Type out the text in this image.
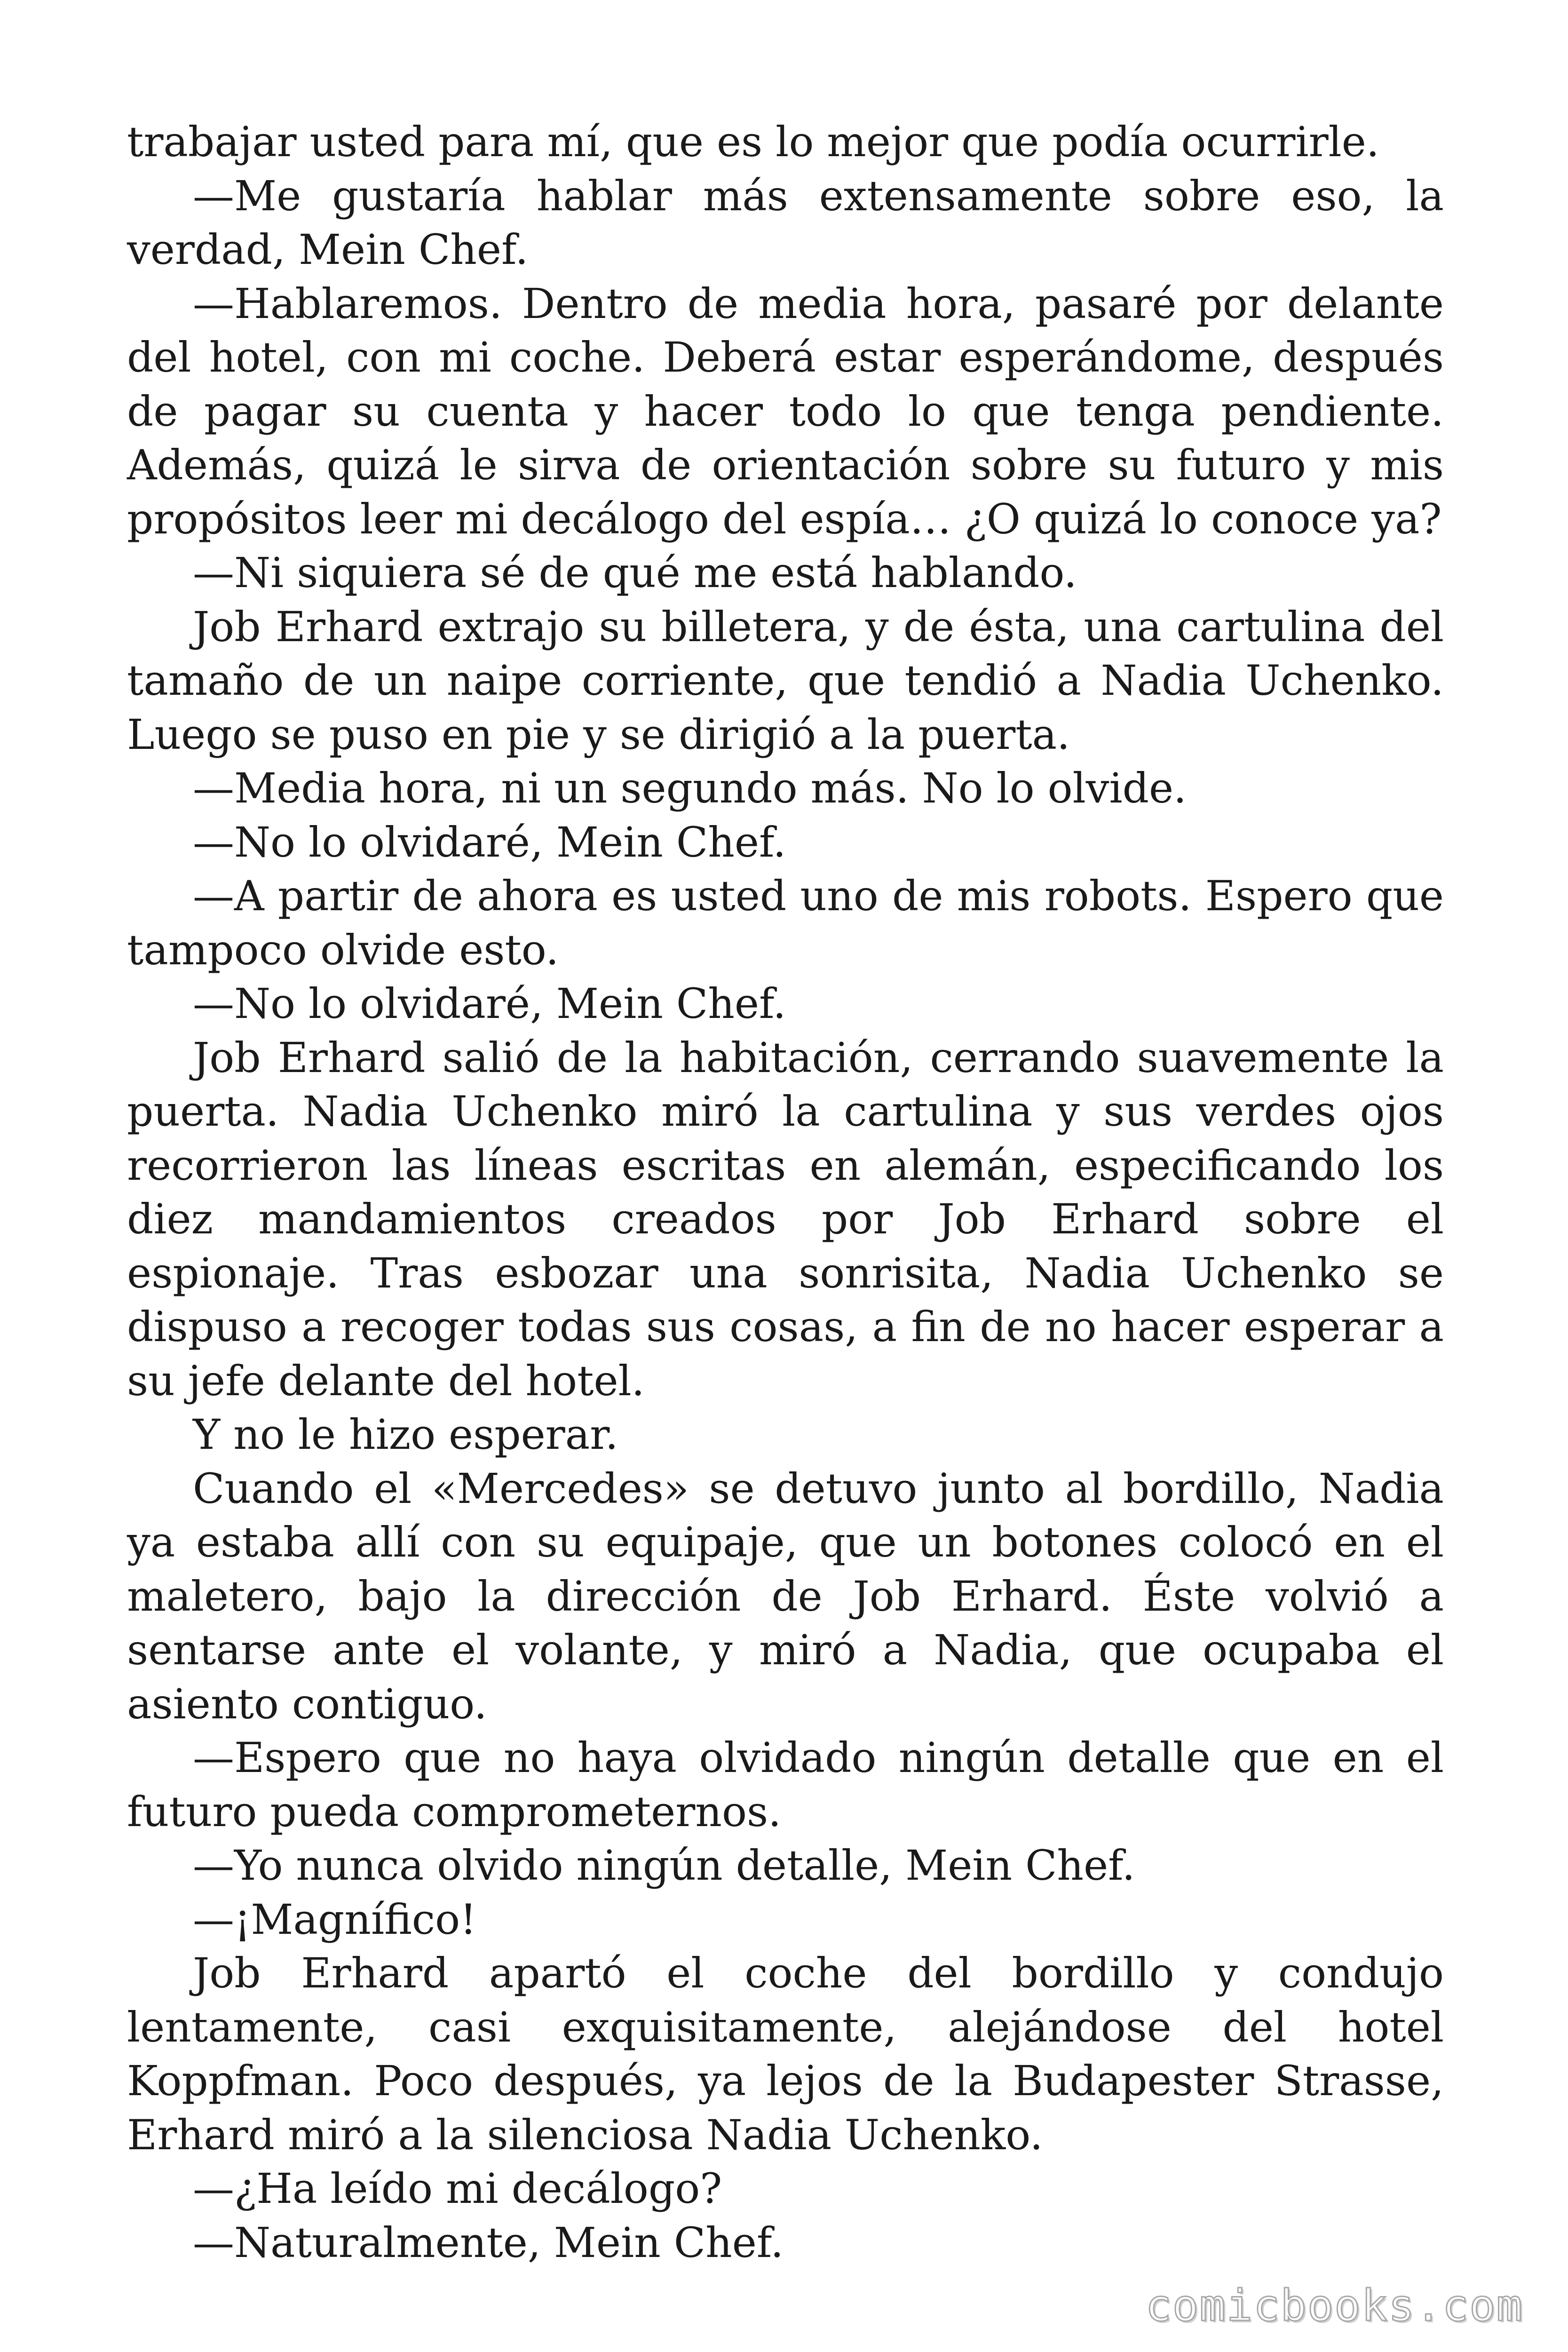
trabajar usted para mí, que es lo mejor que podía ocurrirle.

—Me gustaría hablar más extensamente sobre eso, la verdad, Mein Chef.

—Hablaremos. Dentro de media hora, pasaré por delante del hotel, con mi coche. Deberá estar esperándome, después de pagar su cuenta y hacer todo lo que tenga pendiente. Además, quizá le sirva de orientación sobre su futuro y mis propósitos leer mi decálogo del espía… ¿O quizá lo conoce ya?

—Ni siquiera sé de qué me está hablando.

Job Erhard extrajo su billetera, y de ésta, una cartulina del tamaño de un naipe corriente, que tendió a Nadia Uchenko. Luego se puso en pie y se dirigió a la puerta.

—Media hora, ni un segundo más. No lo olvide.

—No lo olvidaré, Mein Chef.

—A partir de ahora es usted uno de mis robots. Espero que tampoco olvide esto.

—No lo olvidaré, Mein Chef.

Job Erhard salió de la habitación, cerrando suavemente la puerta. Nadia Uchenko miró la cartulina y sus verdes ojos recorrieron las líneas escritas en alemán, especificando los diez mandamientos creados por Job Erhard sobre el espionaje. Tras esbozar una sonrisita, Nadia Uchenko se dispuso a recoger todas sus cosas, a fin de no hacer esperar a su jefe delante del hotel.

Y no le hizo esperar.

Cuando el «Mercedes» se detuvo junto al bordillo, Nadia ya estaba allí con su equipaje, que un botones colocó en el maletero, bajo la dirección de Job Erhard. Éste volvió a sentarse ante el volante, y miró a Nadia, que ocupaba el asiento contiguo.

—Espero que no haya olvidado ningún detalle que en el futuro pueda comprometernos.

—Yo nunca olvido ningún detalle, Mein Chef.

—¡Magnífico!

Job Erhard apartó el coche del bordillo y condujo lentamente, casi exquisitamente, alejándose del hotel Koppfman. Poco después, ya lejos de la Budapester Strasse, Erhard miró a la silenciosa Nadia Uchenko.

—¿Ha leído mi decálogo?

—Naturalmente, Mein Chef.

comicbooks.com
